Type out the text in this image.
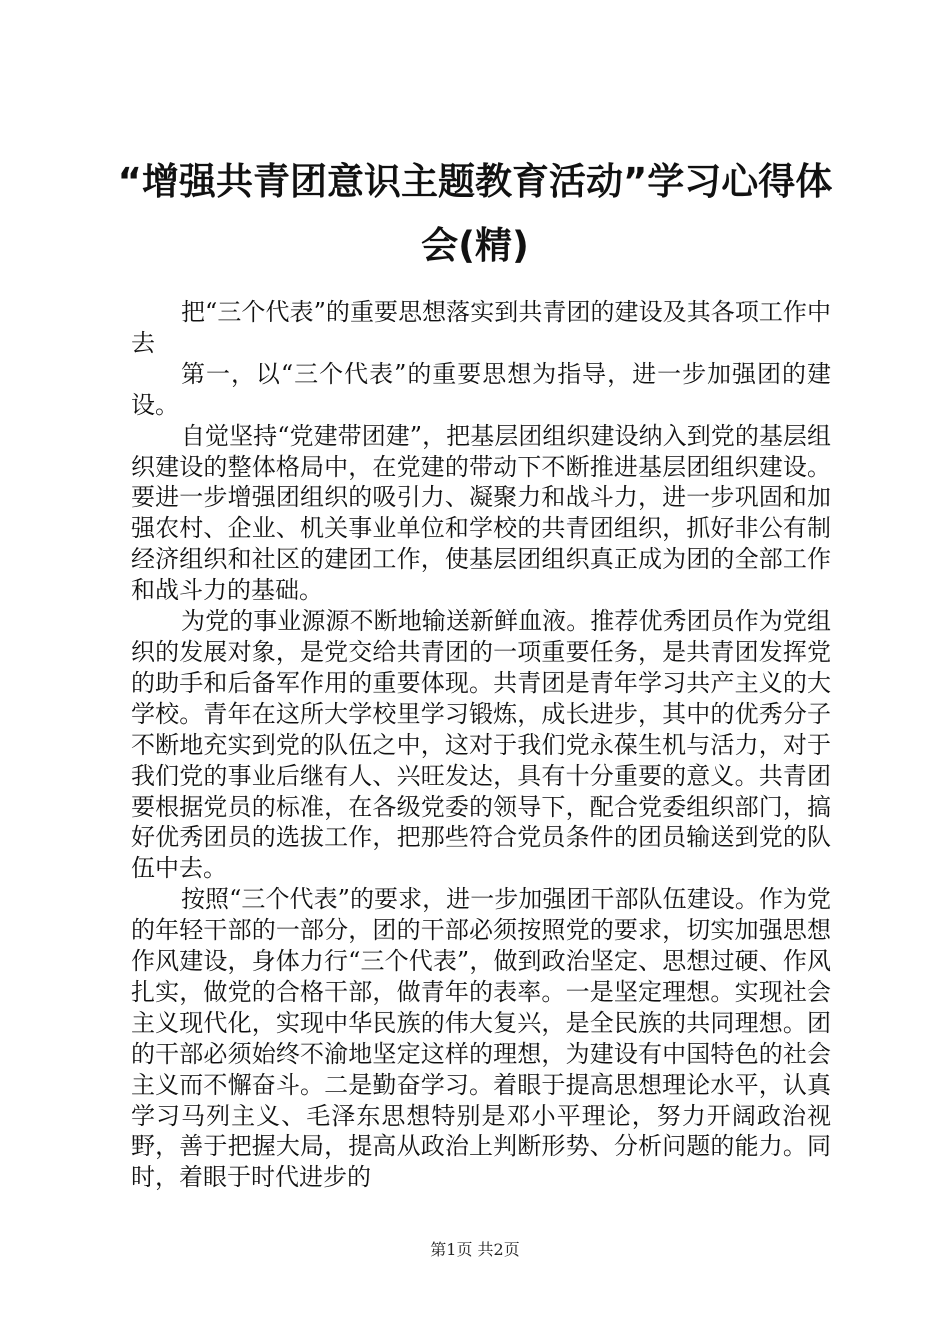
“增强共青团意识主题教育活动”学习心得体
会(精)

把“三个代表”的重要思想落实到共青团的建设及其各项工作中去

第一，以“三个代表”的重要思想为指导，进一步加强团的建设。

自觉坚持“党建带团建”，把基层团组织建设纳入到党的基层组织建设的整体格局中，在党建的带动下不断推进基层团组织建设。要进一步增强团组织的吸引力、凝聚力和战斗力，进一步巩固和加强农村、企业、机关事业单位和学校的共青团组织，抓好非公有制经济组织和社区的建团工作，使基层团组织真正成为团的全部工作和战斗力的基础。

为党的事业源源不断地输送新鲜血液。推荐优秀团员作为党组织的发展对象，是党交给共青团的一项重要任务，是共青团发挥党的助手和后备军作用的重要体现。共青团是青年学习共产主义的大学校。青年在这所大学校里学习锻炼，成长进步，其中的优秀分子不断地充实到党的队伍之中，这对于我们党永葆生机与活力，对于我们党的事业后继有人、兴旺发达，具有十分重要的意义。共青团要根据党员的标准，在各级党委的领导下，配合党委组织部门，搞好优秀团员的选拔工作，把那些符合党员条件的团员输送到党的队伍中去。

按照“三个代表”的要求，进一步加强团干部队伍建设。作为党的年轻干部的一部分，团的干部必须按照党的要求，切实加强思想作风建设，身体力行“三个代表”，做到政治坚定、思想过硬、作风扎实，做党的合格干部，做青年的表率。一是坚定理想。实现社会主义现代化，实现中华民族的伟大复兴，是全民族的共同理想。团的干部必须始终不渝地坚定这样的理想，为建设有中国特色的社会主义而不懈奋斗。二是勤奋学习。着眼于提高思想理论水平，认真学习马列主义、毛泽东思想特别是邓小平理论，努力开阔政治视野，善于把握大局，提高从政治上判断形势、分析问题的能力。同时，着眼于时代进步的

第1页 共2页
